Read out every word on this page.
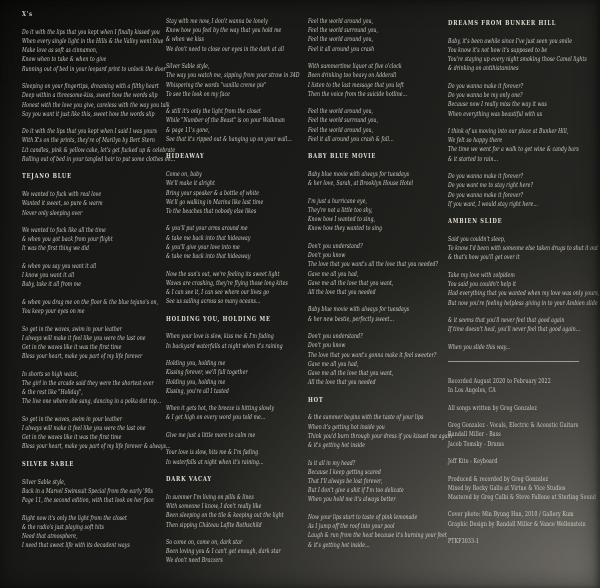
X's

Do it with the lips that you kept when I finally kissed you
When every single light in the Hills & the Valley went blue
Make love as soft as cinnamon,
Know when to take & when to give
Running out of bed in your leopard print to unlock the door

Sleeping on your fingertips, dreaming with a filthy heart
Deep within a threesome-kiss, sweet how the words slip
Honest with the love you give, careless with the way you talk
Say you want it just like this, sweet how the words slip

Do it with the lips that you kept when I said I was yours
With X's on the prints, they're of Marilyn by Bert Stern
Lit candles, pink & yellow cake, let's get fucked up & celebrate
Rolling out of bed in your tangled hair to put some clothes on...

TEJANO BLUE

We wanted to fuck with real love
Wanted it sweet, so pure & warm
Never only sleeping over

We wanted to fuck like all the time
& when you got back from your flight
It was the first thing we did

& when you say you want it all
I know you want it all
Baby, take it all from me

& when you drag me on the floor & the blue tejano's on,
You keep your eyes on me

So get in the waves, swim in your leather
I always will make it feel like you were the last one
Get in the waves like it was the first time
Bless your heart, make you part of my life forever

In shorts so high waist,
The girl in the arcade said they were the shortest ever
& the rest like "Holiday",
The live one where she sang, dancing in a polka dot top...

So get in the waves, swim in your leather
I always will make it feel like you were the last one
Get in the waves like it was the first time
Bless your heart, make you part of my life forever & always...

SILVER SABLE

Silver Sable style,
Back in a Marvel Swimsuit Special from the early '90s
Page 11, the second edition, with that look on her face

Right now it's only the light from the closet
& the radio's just playing soft hits
Need that atmosphere,
I need that sweet life with its decadent ways

Stay with me now, I don't wanna be lonely
Know how you feel by the way that you hold me
& when we kiss
We don't need to close our eyes in the dark at all

Silver Sable style,
The way you watch me, sipping from your straw in 34D
Whispering the words "vanilla creme pie"
To see the look on my face

& still it's only the light from the closet
While "Number of the Beast" is on your Walkman
& page 11's gone,
See that it's ripped out & hanging up on your wall...

HIDEAWAY

Come on, baby
We'll make it alright
Bring your speaker & a bottle of white
We'll go walking in Marina like last time
To the beaches that nobody else likes

& you'll put your arms around me
& take me back into that hideaway
& you'll give your love into me
& take me back into that hideaway

Now the sun's out, we're feeling its sweet light
Waves are crashing, they're flying those long kites
& I can see it, I can see where our lives go
See us sailing across so many oceans...

HOLDING YOU, HOLDING ME

When your love is slow, kiss me & I'm fading
In backyard waterfalls at night when it's raining

Holding you, holding me
Kissing forever, we'll fall together
Holding you, holding me
Kissing, you're all I tasted

When it gets hot, the breeze is hitting slowly
& I get high on every word you told me...

Give me just a little more to calm me

Your love is slow, hits me & I'm fading
In waterfalls at night when it's raining...

DARK VACAY

In summer I'm living on pills & lines
With someone I know, I don't really like
Been sleeping on the tile & keeping out the light
Then sipping Château Lafite Rothschild

So come on, come on, dark star
Been loving you & I can't get enough, dark star
We don't need Brazzers

Feel the world around you,
Feel the world surround you,
Feel the world around you,
Feel it all around you crash

With summertime liquor at five o'clock
Been drinking too heavy on Adderall
I listen to the last message that you left
Then the voice from the suicide hotline...

Feel the world around you,
Feel the world surround you,
Feel the world around you,
Feel it all around you crash & fall...

BABY BLUE MOVIE

Baby blue movie with always for tuesdays
& her love, Sarah, at Brooklyn House Hotel

I'm just a hurricane eye,
They're not a little too shy,
Know how I wanted to sing,
Know how they wanted to sing

Don't you understand?
Don't you know
The love that you want's all the love that you needed?
Gave me all you had,
Gave me all the love that you want,
All the love that you needed

Baby blue movie with always for tuesdays
& her new bestie, perfectly sweet...

Don't you understand?
Don't you know
The love that you want's gonna make it feel sweeter?
Gave me all you had,
Gave me all the love that you want,
All the love that you needed

HOT

& the summer begins with the taste of your lips
When it's getting hot inside you
Think you'd burn through your dress if you kissed me again
& it's getting hot inside

Is it all in my head?
Because I keep getting scared
That I'll always be lost forever,
But I don't give a shit if I'm too delicate
When you hold me it's always better

Now your lips start to taste of pink lemonade
As I jump off the roof into your pool
Laugh & run from the heat because it's burning your feet
& it's getting hot inside...

DREAMS FROM BUNKER HILL

Baby, it's been awhile since I've just seen you smile
You know it's not how it's supposed to be
You're staying up every night smoking those Camel lights
& drinking on antihistamines

Do you wanna make it forever?
Do you wanna be my only one?
Because now I really miss the way it was
When everything was beautiful with us

I think of us moving into our place at Bunker Hill,
We felt so happy there
The time we went for a walk to get wine & candy bars
& it started to rain...

Do you wanna make it forever?
Do you want me to stay right here?
Do you wanna make it forever?
If you want, I would stay right here...

AMBIEN SLIDE

Said you couldn't sleep,
To know I'd been with someone else taken drugs to shut it out
& that's how you'll get over it

Take my love with zolpidem
You said you couldn't help it
Had everything that you wanted when my love was only yours,
But now you're feeling helpless giving in to your Ambien slide

& it seems that you'll never feel that good again
If time doesn't heal, you'll never feel that good again...

When you slide this way...

Recorded August 2020 to February 2022
In Los Angeles, CA

All songs written by Greg Gonzalez

Greg Gonzalez - Vocals, Electric & Acoustic Guitars
Randall Miller - Bass
Jacob Tomsky - Drums

Jeff Kite - Keyboard

Produced & recorded by Greg Gonzalez
Mixed by Rocky Gallo at Virtue & Vice Studios
Mastered by Greg Calbi & Steve Fallone at Sterling Sound

Cover photo: Min Byung Hun, 2010 / Gallery Kum
Graphic Design by Randall Miller & Vance Wellenstein

PTKF3033-1
